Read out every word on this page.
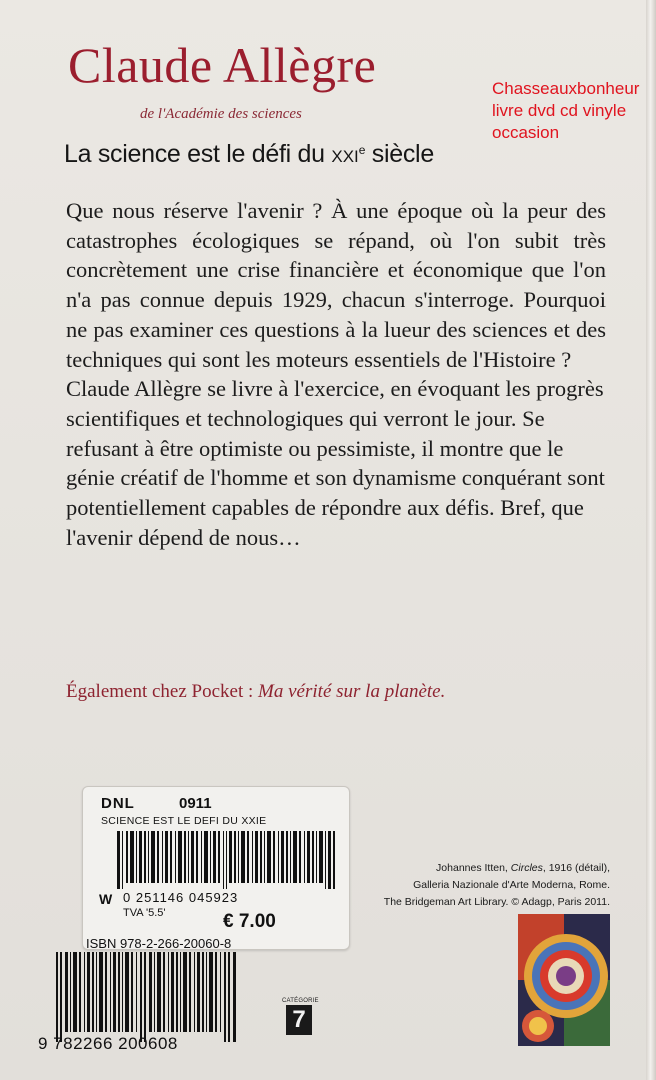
Claude Allègre
de l'Académie des sciences
Chasseauxbonheur
livre dvd cd vinyle
occasion
La science est le défi du XXIe siècle

Que nous réserve l'avenir ? À une époque où la peur des catastrophes écologiques se répand, où l'on subit très concrètement une crise financière et économique que l'on n'a pas connue depuis 1929, chacun s'interroge. Pourquoi ne pas examiner ces questions à la lueur des sciences et des techniques qui sont les moteurs essentiels de l'Histoire ?

Claude Allègre se livre à l'exercice, en évoquant les progrès scientifiques et technologiques qui verront le jour. Se refusant à être optimiste ou pessimiste, il montre que le génie créatif de l'homme et son dynamisme conquérant sont potentiellement capables de répondre aux défis. Bref, que l'avenir dépend de nous…

Également chez Pocket : Ma vérité sur la planète.
DNL	0911
SCIENCE EST LE DEFI DU XXIE
W 0 251146 045923
TVA '5.5'	€ 7.00
ISBN 978-2-266-20060-8
9 782266 200608
CATÉGORIE
7
Johannes Itten, Circles, 1916 (détail),
Galleria Nazionale d'Arte Moderna, Rome.
The Bridgeman Art Library. © Adagp, Paris 2011.
